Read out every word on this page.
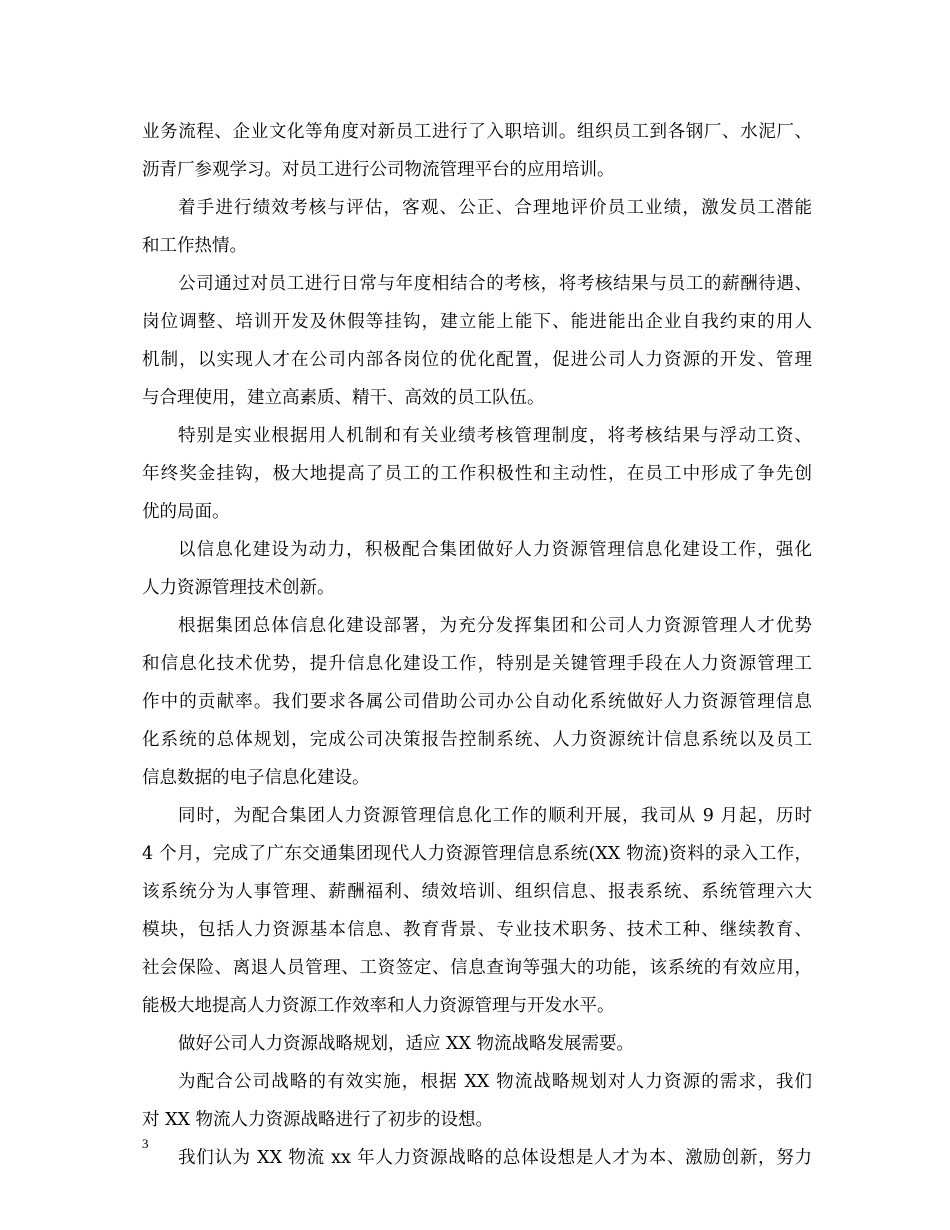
业务流程、企业文化等角度对新员工进行了入职培训。组织员工到各钢厂、水泥厂、
沥青厂参观学习。对员工进行公司物流管理平台的应用培训。
着手进行绩效考核与评估，客观、公正、合理地评价员工业绩，激发员工潜能
和工作热情。
公司通过对员工进行日常与年度相结合的考核，将考核结果与员工的薪酬待遇、
岗位调整、培训开发及休假等挂钩，建立能上能下、能进能出企业自我约束的用人
机制，以实现人才在公司内部各岗位的优化配置，促进公司人力资源的开发、管理
与合理使用，建立高素质、精干、高效的员工队伍。
特别是实业根据用人机制和有关业绩考核管理制度，将考核结果与浮动工资、
年终奖金挂钩，极大地提高了员工的工作积极性和主动性，在员工中形成了争先创
优的局面。
以信息化建设为动力，积极配合集团做好人力资源管理信息化建设工作，强化
人力资源管理技术创新。
根据集团总体信息化建设部署，为充分发挥集团和公司人力资源管理人才优势
和信息化技术优势，提升信息化建设工作，特别是关键管理手段在人力资源管理工
作中的贡献率。我们要求各属公司借助公司办公自动化系统做好人力资源管理信息
化系统的总体规划，完成公司决策报告控制系统、人力资源统计信息系统以及员工
信息数据的电子信息化建设。
同时，为配合集团人力资源管理信息化工作的顺利开展，我司从 9 月起，历时
4 个月，完成了广东交通集团现代人力资源管理信息系统(XX 物流)资料的录入工作，
该系统分为人事管理、薪酬福利、绩效培训、组织信息、报表系统、系统管理六大
模块，包括人力资源基本信息、教育背景、专业技术职务、技术工种、继续教育、
社会保险、离退人员管理、工资签定、信息查询等强大的功能，该系统的有效应用，
能极大地提高人力资源工作效率和人力资源管理与开发水平。
做好公司人力资源战略规划，适应 XX 物流战略发展需要。
为配合公司战略的有效实施，根据 XX 物流战略规划对人力资源的需求，我们
对 XX 物流人力资源战略进行了初步的设想。
我们认为 XX 物流 xx 年人力资源战略的总体设想是人才为本、激励创新，努力
3
